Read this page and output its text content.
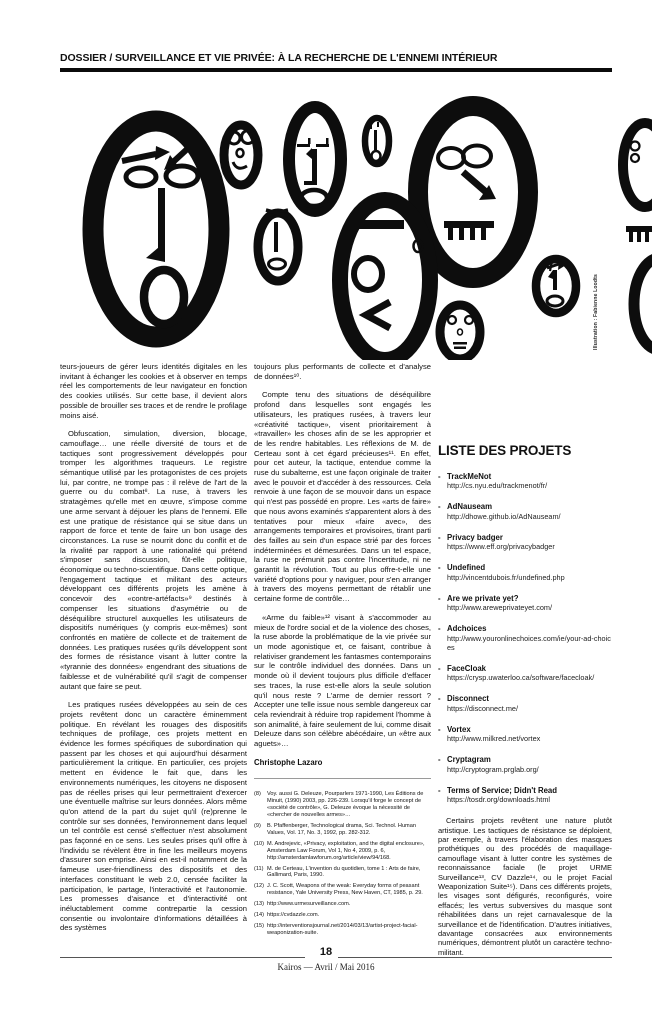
DOSSIER / SURVEILLANCE ET VIE PRIVÉE: À LA RECHERCHE DE L'ENNEMI INTÉRIEUR
Illustration : Fabienne Loodts

teurs-joueurs de gérer leurs identités digitales en les invitant à échanger les cookies et à observer en temps réel les comportements de leur navigateur en fonction des cookies utilisés. Sur cette base, il devient alors possible de brouiller ses traces et de rendre le profilage moins aisé.

Obfuscation, simulation, diversion, blocage, camouflage… une réelle diversité de tours et de tactiques sont progressivement développés pour tromper les algorithmes traqueurs. Le registre sémantique utilisé par les protagonistes de ces projets lui, par contre, ne trompe pas : il relève de l'art de la guerre ou du combat⁸. La ruse, à travers les stratagèmes qu'elle met en œuvre, s'impose comme une arme servant à déjouer les plans de l'ennemi. Elle est une pratique de résistance qui se situe dans un rapport de force et tente de faire un bon usage des circonstances. La ruse se nourrit donc du conflit et de la rivalité par rapport à une rationalité qui prétend s'imposer sans discussion, fût-elle politique, économique ou techno-scientifique. Dans cette optique, l'engagement tactique et militant des acteurs développant ces différents projets les amène à concevoir des «contre-artéfacts»⁹ destinés à compenser les situations d'asymétrie ou de déséquilibre structurel auxquelles les utilisateurs de dispositifs numériques (y compris eux-mêmes) sont confrontés en matière de collecte et de traitement de données. Les pratiques rusées qu'ils développent sont des formes de résistance visant à lutter contre la «tyrannie des données» engendrant des situations de faiblesse et de vulnérabilité qu'il s'agit de compenser autant que faire se peut.

Les pratiques rusées développées au sein de ces projets revêtent donc un caractère éminemment politique. En révélant les rouages des dispositifs techniques de profilage, ces projets mettent en évidence les formes spécifiques de subordination qui passent par les choses et qui aujourd'hui désarment particulièrement la critique. En particulier, ces projets mettent en évidence le fait que, dans les environnements numériques, les citoyens ne disposent pas de réelles prises qui leur permettraient d'exercer une éventuelle maîtrise sur leurs données. Alors même qu'on attend de la part du sujet qu'il (re)prenne le contrôle sur ses données, l'environnement dans lequel un tel contrôle est censé s'effectuer n'est absolument pas façonné en ce sens. Les seules prises qu'il offre à l'individu se révèlent être in fine les meilleurs moyens d'assurer son emprise. Ainsi en est-il notamment de la fameuse user-friendliness des dispositifs et des interfaces constituant le web 2.0, censée faciliter la participation, le partage, l'interactivité et l'autonomie. Les promesses d'aisance et d'interactivité ont inéluctablement comme contrepartie la cession consentie ou involontaire d'informations détaillées à des systèmes

toujours plus performants de collecte et d'analyse de données¹⁰.

Compte tenu des situations de déséquilibre profond dans lesquelles sont engagés les utilisateurs, les pratiques rusées, à travers leur «créativité tactique», visent prioritairement à «travailler» les choses afin de se les approprier et de les rendre habitables. Les réflexions de M. de Certeau sont à cet égard précieuses¹¹. En effet, pour cet auteur, la tactique, entendue comme la ruse du subalterne, est une façon originale de traiter avec le pouvoir et d'accéder à des ressources. Cela renvoie à une façon de se mouvoir dans un espace qui n'est pas possédé en propre. Les «arts de faire» que nous avons examinés s'apparentent alors à des tentatives pour mieux «faire avec», des arrangements temporaires et provisoires, tirant parti des failles au sein d'un espace strié par des forces indéterminées et démesurées. Dans un tel espace, la ruse ne prémunit pas contre l'incertitude, ni ne garantit la révolution. Tout au plus offre-t-elle une variété d'options pour y naviguer, pour s'en arranger à travers des moyens permettant de rétablir une certaine forme de contrôle…

«Arme du faible»¹² visant à s'accommoder au mieux de l'ordre social et de la violence des choses, la ruse aborde la problématique de la vie privée sur un mode agonistique et, ce faisant, contribue à relativiser grandement les fantasmes contemporains sur le contrôle individuel des données. Dans un monde où il devient toujours plus difficile d'effacer ses traces, la ruse est-elle alors la seule solution qu'il nous reste ? L'arme de dernier ressort ? Accepter une telle issue nous semble dangereux car cela reviendrait à réduire trop rapidement l'homme à son animalité, à faire seulement de lui, comme disait Deleuze dans son célèbre abécédaire, un «être aux aguets»…

Christophe Lazaro

(8)	Voy. aussi G. Deleuze, Pourparlers 1971-1990, Les Éditions de Minuit, (1990) 2003, pp. 226-239. Lorsqu'il forge le concept de «société de contrôle», G. Deleuze évoque la nécessité de «chercher de nouvelles armes»…
(9)	B. Pfaffenberger, Technological drama, Sci. Technol. Human Values, Vol. 17, No. 3, 1992, pp. 282-312.
(10) M. Andrejevic, «Privacy, exploitation, and the digital enclosure», Amsterdam Law Forum, Vol 1, No 4, 2009, p. 6, http://amsterdamlawforum.org/article/view/94/168.
(11) M. de Certeau, L'invention du quotidien, tome 1 : Arts de faire, Gallimard, Paris, 1990.
(12) J. C. Scott, Weapons of the weak: Everyday forms of peasant resistance, Yale University Press, New Haven, CT, 1985, p. 29.
(13) http://www.urmesurveillance.com.
(14) https://cvdazzle.com.
(15) http://interventionsjournal.net/2014/03/13/artist-project-facial-weaponization-suite.
LISTE DES PROJETS
- TrackMeNot
http://cs.nyu.edu/trackmenot/fr/
- AdNauseam
http://dhowe.github.io/AdNauseam/
- Privacy badger
https://www.eff.org/privacybadger
- Undefined
http://vincentdubois.fr/undefined.php
- Are we private yet?
http://www.areweprivateyet.com/
- Adchoices
http://www.youronlinechoices.com/ie/your-ad-choices
- FaceCloak
https://crysp.uwaterloo.ca/software/facecloak/
- Disconnect
https://disconnect.me/
- Vortex
http://www.milkred.net/vortex
- Cryptagram
http://cryptogram.prglab.org/
- Terms of Service; Didn't Read
https://tosdr.org/downloads.html

Certains projets revêtent une nature plutôt artistique. Les tactiques de résistance se déploient, par exemple, à travers l'élaboration des masques prothétiques ou des procédés de maquillage-camouflage visant à lutter contre les systèmes de reconnaissance faciale (le projet URME Surveillance¹³, CV Dazzle¹⁴, ou le projet Facial Weaponization Suite¹⁵). Dans ces différents projets, les visages sont défigurés, reconfigurés, voire effacés; les vertus subversives du masque sont réhabilitées dans un rejet carnavalesque de la surveillance et de l'identification. D'autres initiatives, davantage consacrées aux environnements numériques, démontrent plutôt un caractère techno-militant.

18
Kairos — Avril / Mai 2016
